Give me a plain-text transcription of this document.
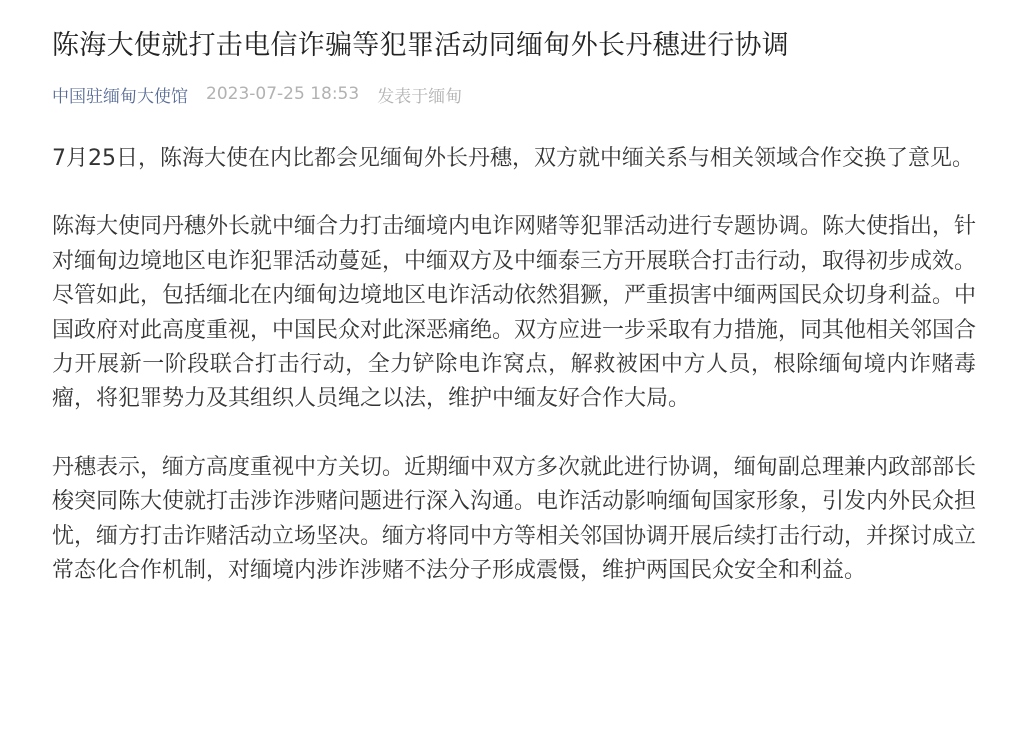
陈海大使就打击电信诈骗等犯罪活动同缅甸外长丹穗进行协调
中国驻缅甸大使馆 2023-07-25 18:53 发表于缅甸

7月25日，陈海大使在内比都会见缅甸外长丹穗，双方就中缅关系与相关领域合作交换了意见。

陈海大使同丹穗外长就中缅合力打击缅境内电诈网赌等犯罪活动进行专题协调。陈大使指出，针对缅甸边境地区电诈犯罪活动蔓延，中缅双方及中缅泰三方开展联合打击行动，取得初步成效。尽管如此，包括缅北在内缅甸边境地区电诈活动依然猖獗，严重损害中缅两国民众切身利益。中国政府对此高度重视，中国民众对此深恶痛绝。双方应进一步采取有力措施，同其他相关邻国合力开展新一阶段联合打击行动，全力铲除电诈窝点，解救被困中方人员，根除缅甸境内诈赌毒瘤，将犯罪势力及其组织人员绳之以法，维护中缅友好合作大局。

丹穗表示，缅方高度重视中方关切。近期缅中双方多次就此进行协调，缅甸副总理兼内政部部长梭突同陈大使就打击涉诈涉赌问题进行深入沟通。电诈活动影响缅甸国家形象，引发内外民众担忧，缅方打击诈赌活动立场坚决。缅方将同中方等相关邻国协调开展后续打击行动，并探讨成立常态化合作机制，对缅境内涉诈涉赌不法分子形成震慑，维护两国民众安全和利益。
